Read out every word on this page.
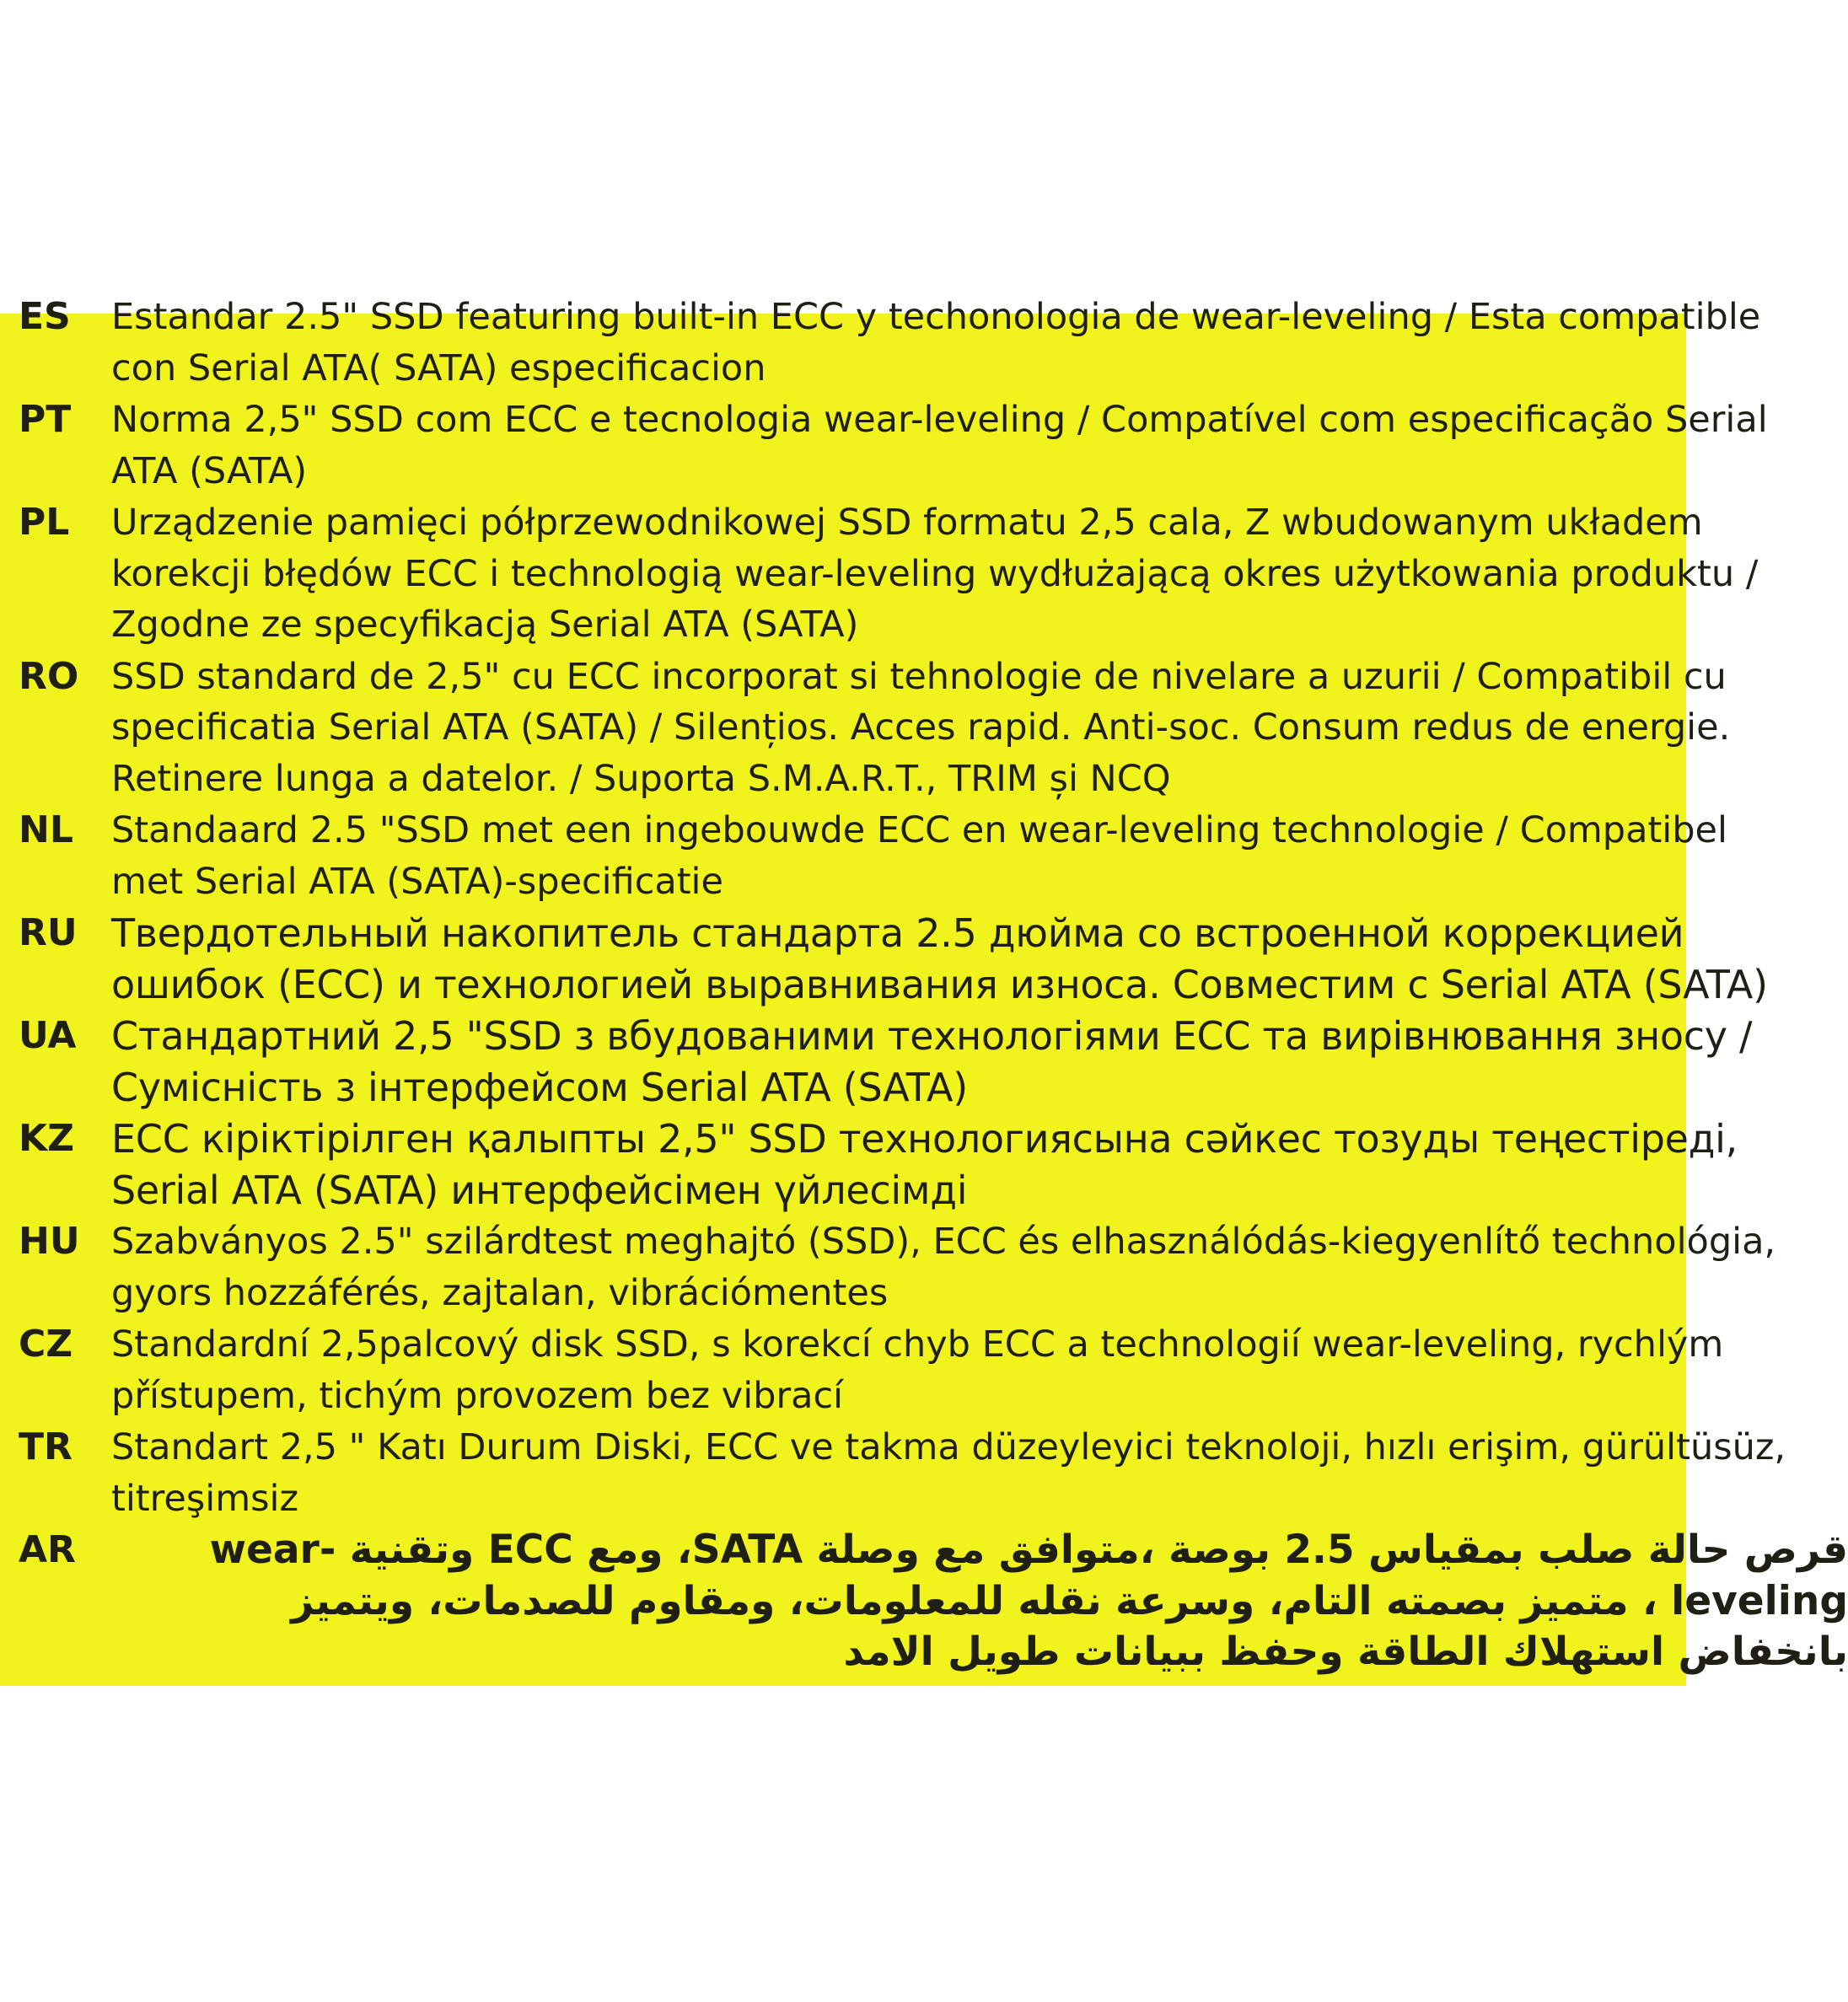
ES	Estandar 2.5" SSD featuring built-in ECC y techonologia de wear-leveling / Esta compatible con Serial ATA( SATA) especificacion
PT	Norma 2,5" SSD com ECC e tecnologia wear-leveling / Compatível com especificação Serial ATA (SATA)
PL	Urządzenie pamięci półprzewodnikowej SSD formatu 2,5 cala, Z wbudowanym układem korekcji błędów ECC i technologią wear-leveling wydłużającą okres użytkowania produktu / Zgodne ze specyfikacją Serial ATA (SATA)
RO SSD standard de 2,5" cu ECC incorporat si tehnologie de nivelare a uzurii / Compatibil cu specificatia Serial ATA (SATA) / Silențios. Acces rapid. Anti-soc. Consum redus de energie. Retinere lunga a datelor. / Suporta S.M.A.R.T., TRIM și NCQ
NL	Standaard 2.5 "SSD met een ingebouwde ECC en wear-leveling technologie / Compatibel met Serial ATA (SATA)-specificatie
RU Твердотельный накопитель стандарта 2.5 дюйма со встроенной коррекцией ошибок (ECC) и технологией выравнивания износа. Совместим с Serial ATA (SATA)
UA Стандартний 2,5 "SSD з вбудованими технологіями ECC та вирівнювання зносу / Сумісність з інтерфейсом Serial ATA (SATA)
KZ ECC кіріктірілген қалыпты 2,5" SSD технологиясына сәйкес тозуды теңестіреді, Serial ATA (SATA) интерфейсімен үйлесімді
HU Szabványos 2.5" szilárdtest meghajtó (SSD), ECC és elhasználódás-kiegyenlítő technológia, gyors hozzáférés, zajtalan, vibrációmentes
CZ	Standardní 2,5palcový disk SSD, s korekcí chyb ECC a technologií wear-leveling, rychlým přístupem, tichým provozem bez vibrací
TR	Standart 2,5 " Katı Durum Diski, ECC ve takma düzeyleyici teknoloji, hızlı erişim, gürültüsüz, titreşimsiz
AR	قرص حالة صلب بمقياس 2.5 بوصة ،متوافق مع وصلة SATA، ومع ECC وتقنية wear-leveling ، متميز بصمته التام، وسرعة نقله للمعلومات، ومقاوم للصدمات، ويتميز بانخفاض استهلاك الطاقة وحفظ ببيانات طويل الامد
